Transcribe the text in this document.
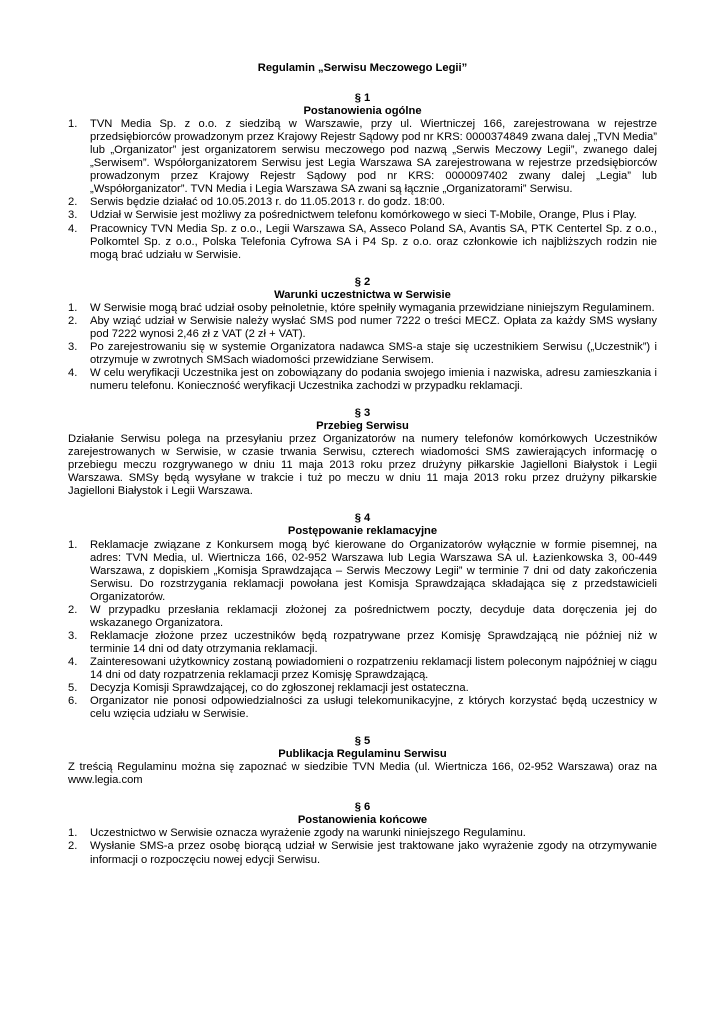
Regulamin „Serwisu Meczowego Legii”
§ 1
Postanowienia ogólne
1. TVN Media Sp. z o.o. z siedzibą w Warszawie, przy ul. Wiertniczej 166, zarejestrowana w rejestrze przedsiębiorców prowadzonym przez Krajowy Rejestr Sądowy pod nr KRS: 0000374849 zwana dalej „TVN Media” lub „Organizator” jest organizatorem serwisu meczowego pod nazwą „Serwis Meczowy Legii”, zwanego dalej „Serwisem”. Współorganizatorem Serwisu jest Legia Warszawa SA zarejestrowana w rejestrze przedsiębiorców prowadzonym przez Krajowy Rejestr Sądowy pod nr KRS: 0000097402 zwany dalej „Legia” lub „Współorganizator”. TVN Media i Legia Warszawa SA zwani są łącznie „Organizatorami” Serwisu.
2. Serwis będzie działać od 10.05.2013 r. do 11.05.2013 r. do godz. 18:00.
3. Udział w Serwisie jest możliwy za pośrednictwem telefonu komórkowego w sieci T-Mobile, Orange, Plus i Play.
4. Pracownicy TVN Media Sp. z o.o., Legii Warszawa SA, Asseco Poland SA, Avantis SA, PTK Centertel Sp. z o.o., Polkomtel Sp. z o.o., Polska Telefonia Cyfrowa SA i P4 Sp. z o.o. oraz członkowie ich najbliższych rodzin nie mogą brać udziału w Serwisie.
§ 2
Warunki uczestnictwa w Serwisie
1. W Serwisie mogą brać udział osoby pełnoletnie, które spełniły wymagania przewidziane niniejszym Regulaminem.
2. Aby wziąć udział w Serwisie należy wysłać SMS pod numer 7222 o treści MECZ. Opłata za każdy SMS wysłany pod 7222 wynosi 2,46 zł z VAT (2 zł + VAT).
3. Po zarejestrowaniu się w systemie Organizatora nadawca SMS-a staje się uczestnikiem Serwisu („Uczestnik”) i otrzymuje w zwrotnych SMSach wiadomości przewidziane Serwisem.
4. W celu weryfikacji Uczestnika jest on zobowiązany do podania swojego imienia i nazwiska, adresu zamieszkania i numeru telefonu. Konieczność weryfikacji Uczestnika zachodzi w przypadku reklamacji.
§ 3
Przebieg Serwisu

Działanie Serwisu polega na przesyłaniu przez Organizatorów na numery telefonów komórkowych Uczestników zarejestrowanych w Serwisie, w czasie trwania Serwisu, czterech wiadomości SMS zawierających informację o przebiegu meczu rozgrywanego w dniu 11 maja 2013 roku przez drużyny piłkarskie Jagielloni Białystok i Legii Warszawa. SMSy będą wysyłane w trakcie i tuż po meczu w dniu 11 maja 2013 roku przez drużyny piłkarskie Jagielloni Białystok i Legii Warszawa.

§ 4
Postępowanie reklamacyjne
1. Reklamacje związane z Konkursem mogą być kierowane do Organizatorów wyłącznie w formie pisemnej, na adres: TVN Media, ul. Wiertnicza 166, 02-952 Warszawa lub Legia Warszawa SA ul. Łazienkowska 3, 00-449 Warszawa, z dopiskiem „Komisja Sprawdzająca – Serwis Meczowy Legii” w terminie 7 dni od daty zakończenia Serwisu. Do rozstrzygania reklamacji powołana jest Komisja Sprawdzająca składająca się z przedstawicieli Organizatorów.
2. W przypadku przesłania reklamacji złożonej za pośrednictwem poczty, decyduje data doręczenia jej do wskazanego Organizatora.
3. Reklamacje złożone przez uczestników będą rozpatrywane przez Komisję Sprawdzającą nie później niż w terminie 14 dni od daty otrzymania reklamacji.
4. Zainteresowani użytkownicy zostaną powiadomieni o rozpatrzeniu reklamacji listem poleconym najpóźniej w ciągu 14 dni od daty rozpatrzenia reklamacji przez Komisję Sprawdzającą.
5. Decyzja Komisji Sprawdzającej, co do zgłoszonej reklamacji jest ostateczna.
6. Organizator nie ponosi odpowiedzialności za usługi telekomunikacyjne, z których korzystać będą uczestnicy w celu wzięcia udziału w Serwisie.
§ 5
Publikacja Regulaminu Serwisu

Z treścią Regulaminu można się zapoznać w siedzibie TVN Media (ul. Wiertnicza 166, 02-952 Warszawa) oraz na www.legia.com

§ 6
Postanowienia końcowe
1. Uczestnictwo w Serwisie oznacza wyrażenie zgody na warunki niniejszego Regulaminu.
2. Wysłanie SMS-a przez osobę biorącą udział w Serwisie jest traktowane jako wyrażenie zgody na otrzymywanie informacji o rozpoczęciu nowej edycji Serwisu.
